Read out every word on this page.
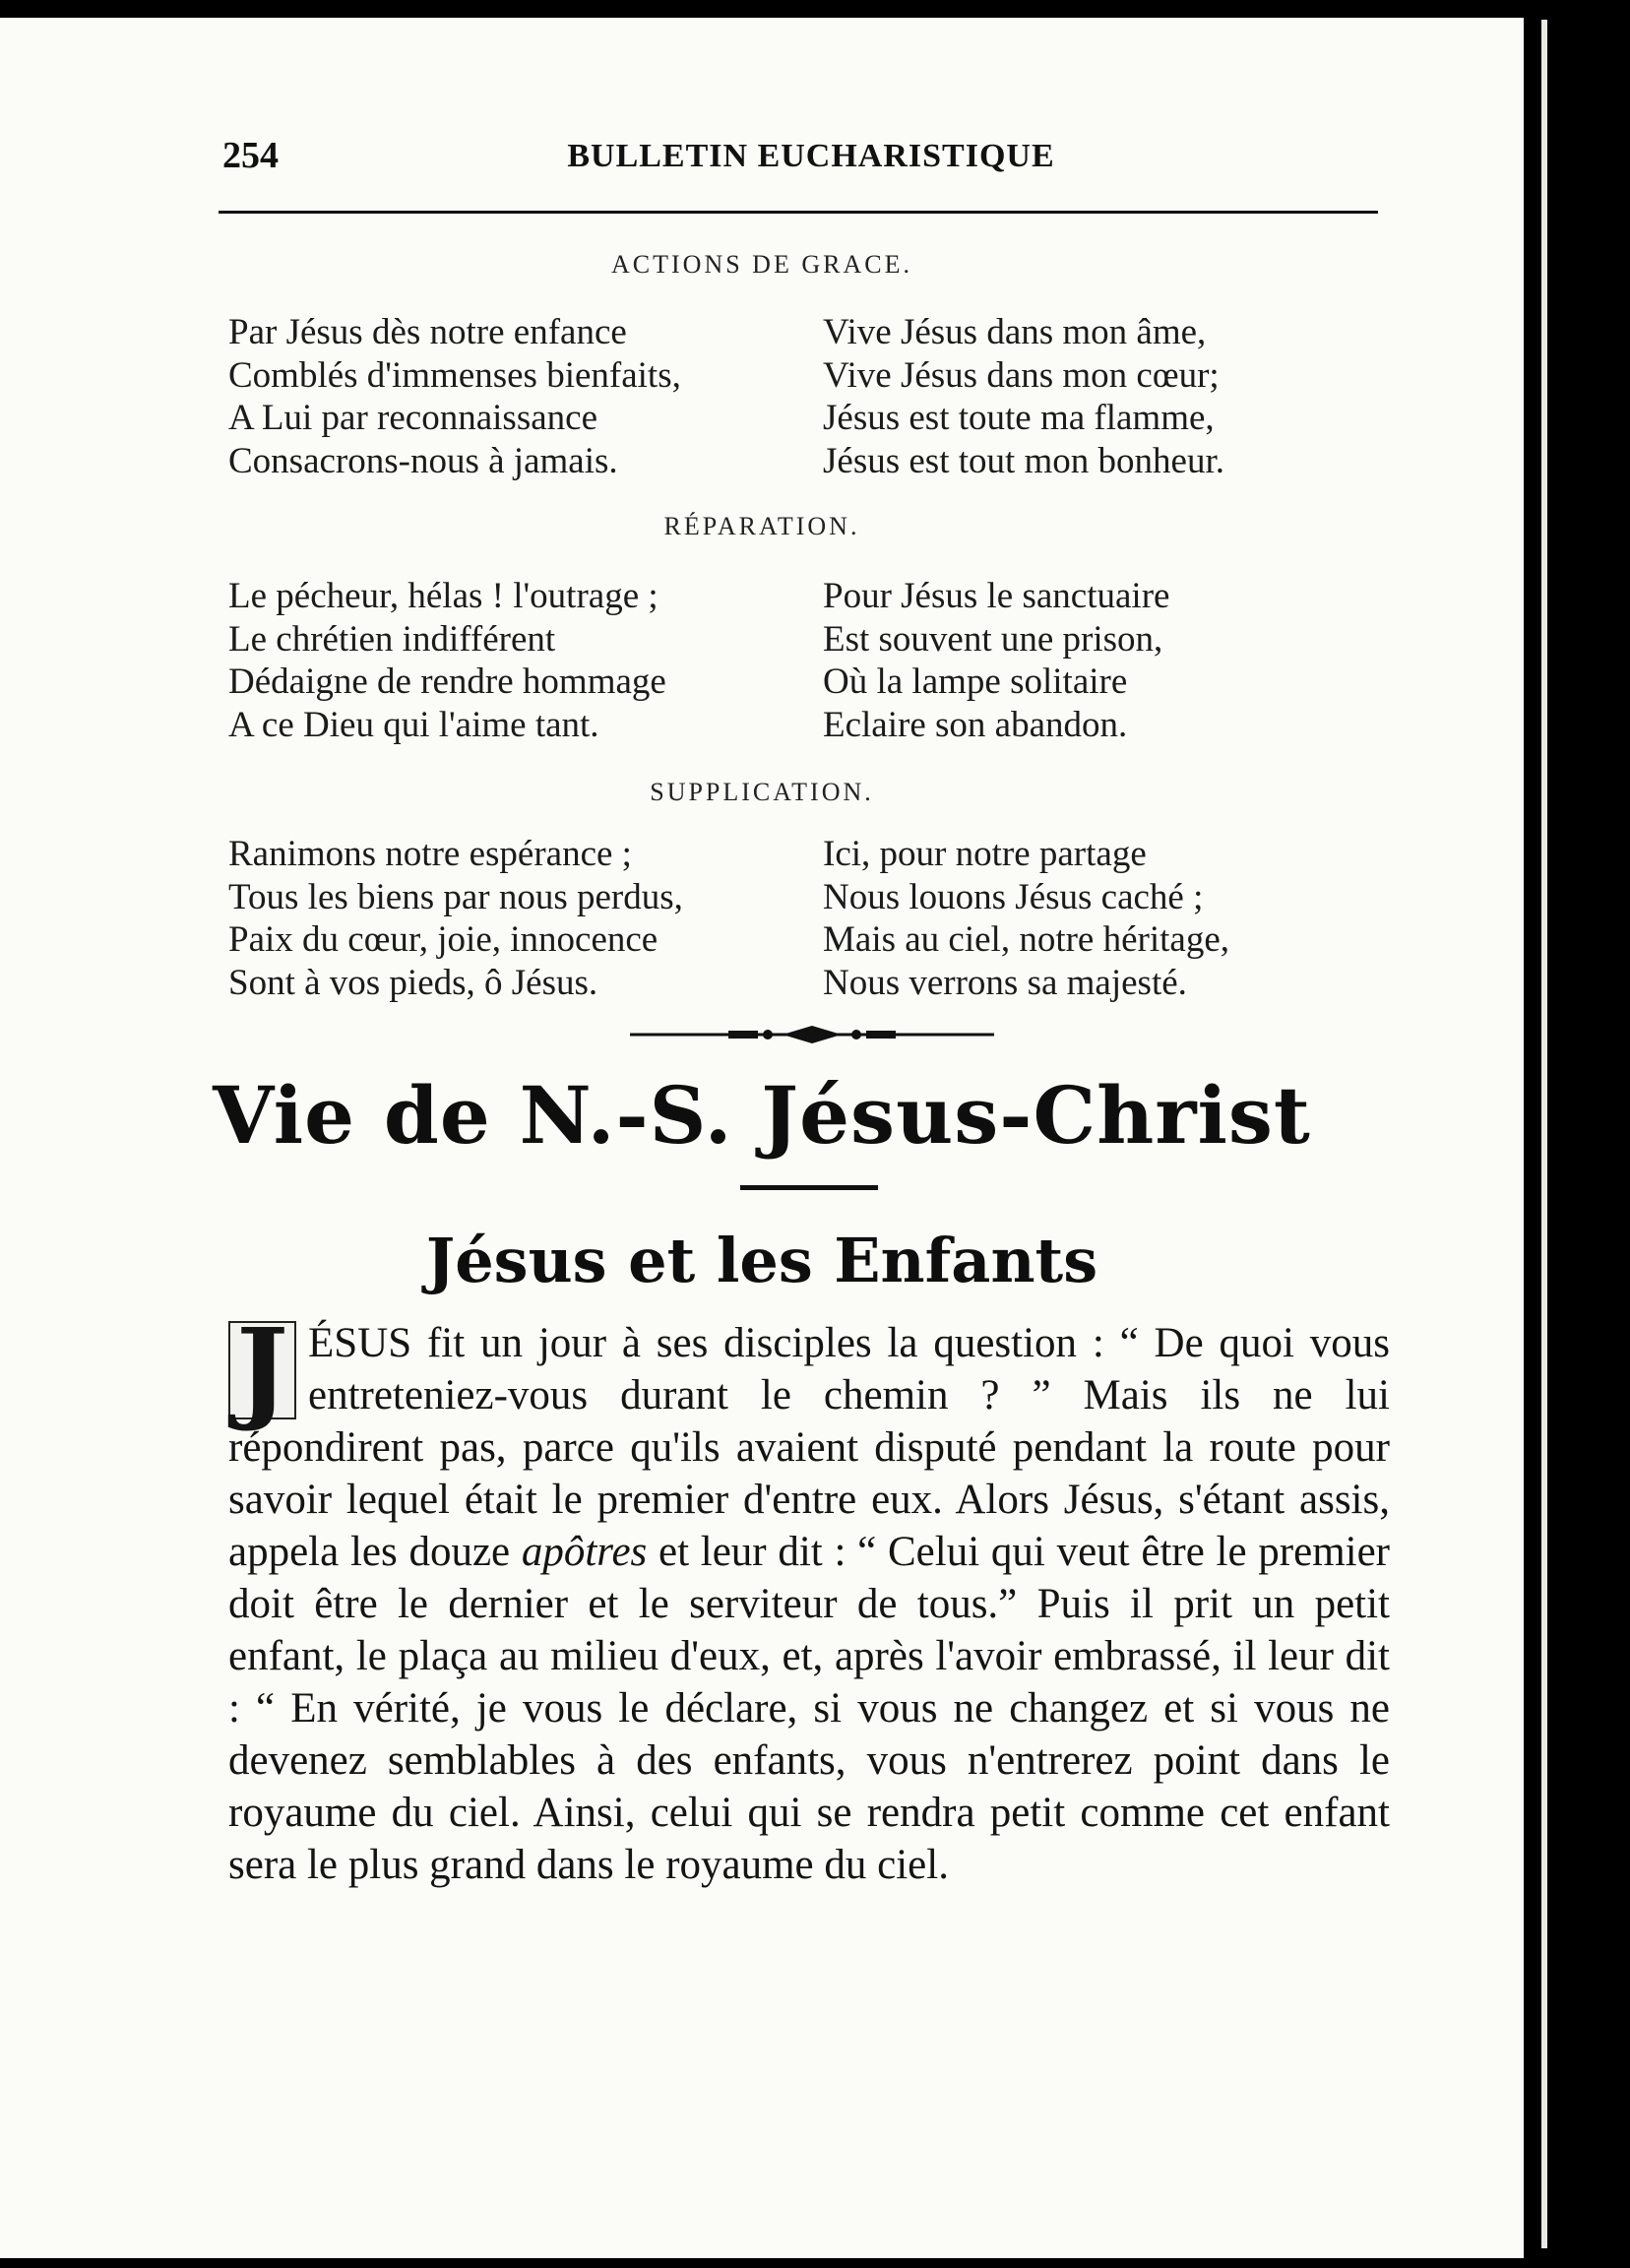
254	BULLETIN EUCHARISTIQUE
ACTIONS DE GRACE.
Par Jésus dès notre enfance
Comblés d'immenses bienfaits,
A Lui par reconnaissance
Consacrons-nous à jamais.
Vive Jésus dans mon âme,
Vive Jésus dans mon cœur;
Jésus est toute ma flamme,
Jésus est tout mon bonheur.
RÉPARATION.
Le pécheur, hélas ! l'outrage ;
Le chrétien indifférent
Dédaigne de rendre hommage
A ce Dieu qui l'aime tant.
Pour Jésus le sanctuaire
Est souvent une prison,
Où la lampe solitaire
Eclaire son abandon.
SUPPLICATION.
Ranimons notre espérance ;
Tous les biens par nous perdus,
Paix du cœur, joie, innocence
Sont à vos pieds, ô Jésus.
Ici, pour notre partage
Nous louons Jésus caché ;
Mais au ciel, notre héritage,
Nous verrons sa majesté.
Vie de N.-S. Jésus-Christ
Jésus et les Enfants

J ÉSUS fit un jour à ses disciples la question : “ De quoi vous entreteniez-vous durant le chemin ? ” Mais ils ne lui répondirent pas, parce qu'ils avaient disputé pendant la route pour savoir lequel était le premier d'entre eux. Alors Jésus, s'étant assis, appela les douze apôtres et leur dit : “ Celui qui veut être le premier doit être le dernier et le serviteur de tous.” Puis il prit un petit enfant, le plaça au milieu d'eux, et, après l'avoir embrassé, il leur dit : “ En vérité, je vous le déclare, si vous ne changez et si vous ne devenez semblables à des enfants, vous n'entrerez point dans le royaume du ciel. Ainsi, celui qui se rendra petit comme cet enfant sera le plus grand dans le royaume du ciel.
